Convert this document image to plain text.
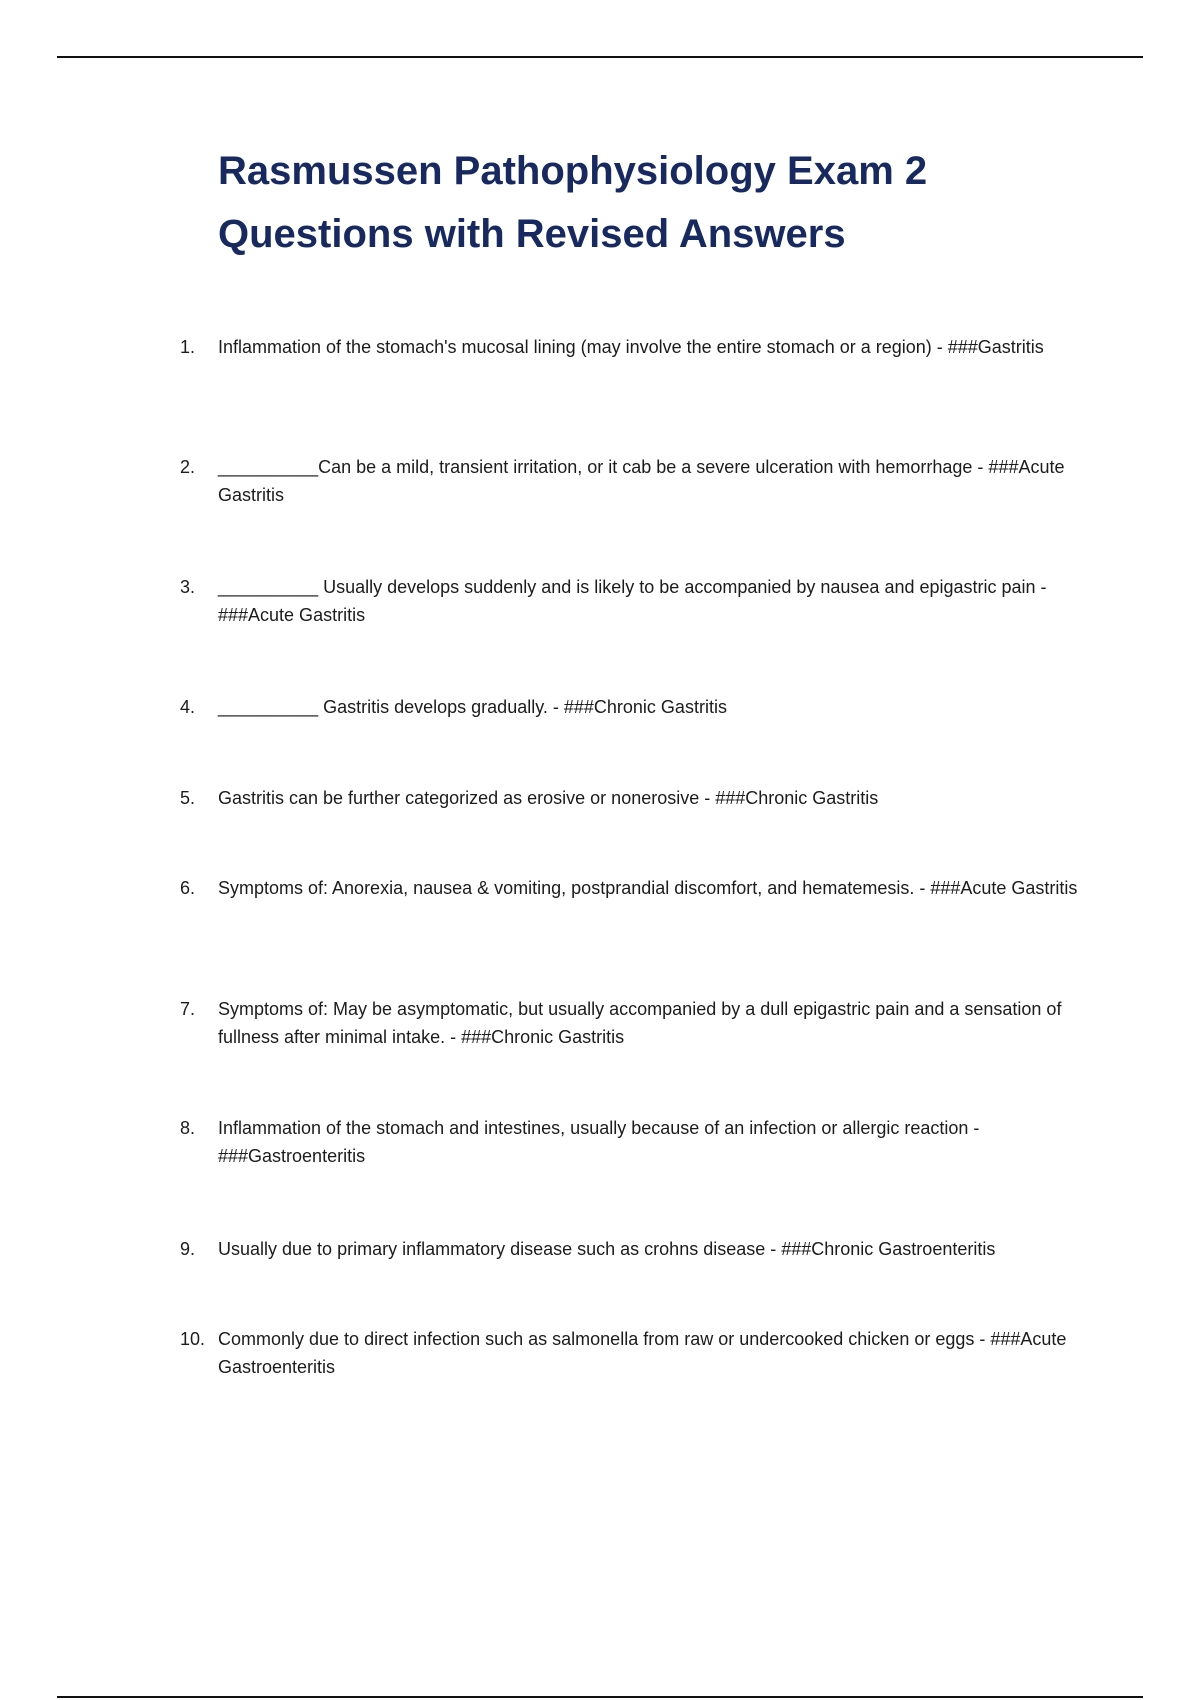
Rasmussen Pathophysiology Exam 2
Questions with Revised Answers
1.	Inflammation of the stomach's mucosal lining (may involve the entire stomach or a region) - ###Gastritis
2.	__________Can be a mild, transient irritation, or it cab be a severe ulceration with hemorrhage - ###Acute Gastritis
3.	__________ Usually develops suddenly and is likely to be accompanied by nausea and epigastric pain - ###Acute Gastritis
4.	__________ Gastritis develops gradually. - ###Chronic Gastritis
5.	Gastritis can be further categorized as erosive or nonerosive - ###Chronic Gastritis
6.	Symptoms of: Anorexia, nausea & vomiting, postprandial discomfort, and hematemesis. - ###Acute Gastritis
7.	Symptoms of: May be asymptomatic, but usually accompanied by a dull epigastric pain and a sensation of fullness after minimal intake. - ###Chronic Gastritis
8.	Inflammation of the stomach and intestines, usually because of an infection or allergic reaction - ###Gastroenteritis
9.	Usually due to primary inflammatory disease such as crohns disease - ###Chronic Gastroenteritis
10. Commonly due to direct infection such as salmonella from raw or undercooked chicken or eggs - ###Acute Gastroenteritis
